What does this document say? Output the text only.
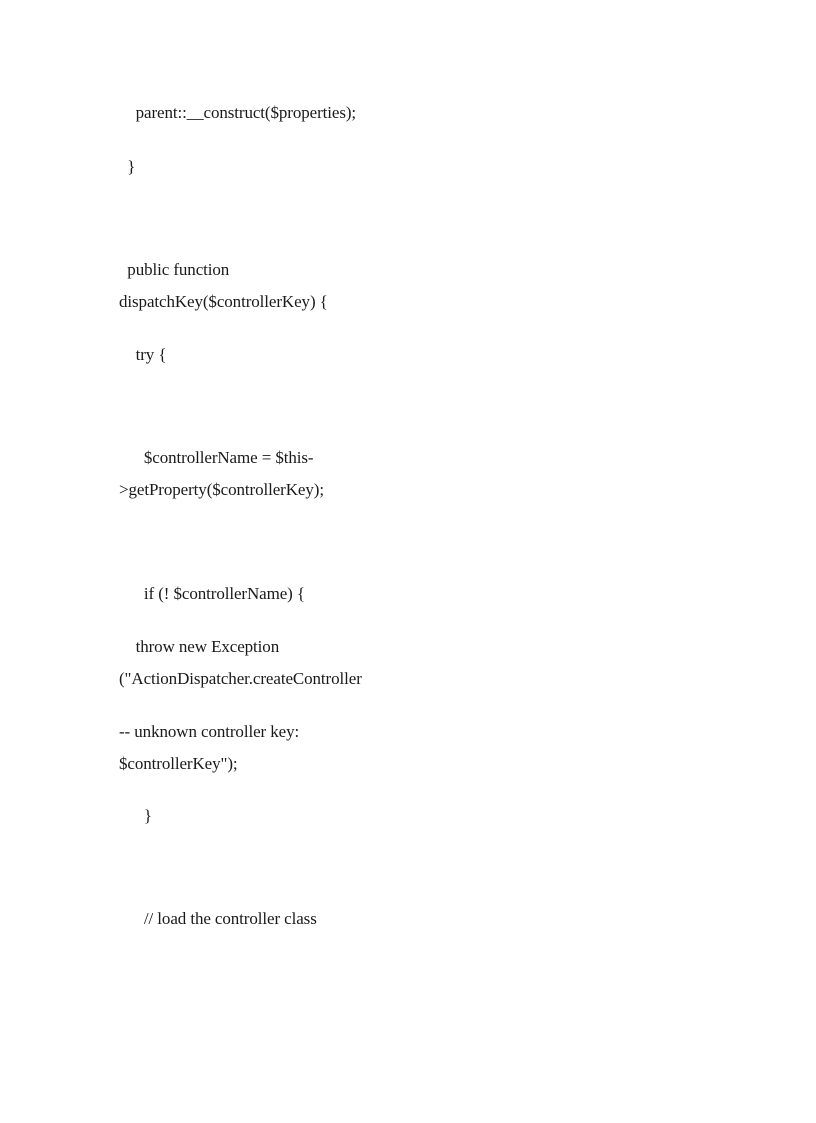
parent::__construct($properties);
}
public function
dispatchKey($controllerKey) {
try {
$controllerName = $this-
>getProperty($controllerKey);
if (! $controllerName) {
throw new Exception
("ActionDispatcher.createController
-- unknown controller key:
$controllerKey");
}
// load the controller class
